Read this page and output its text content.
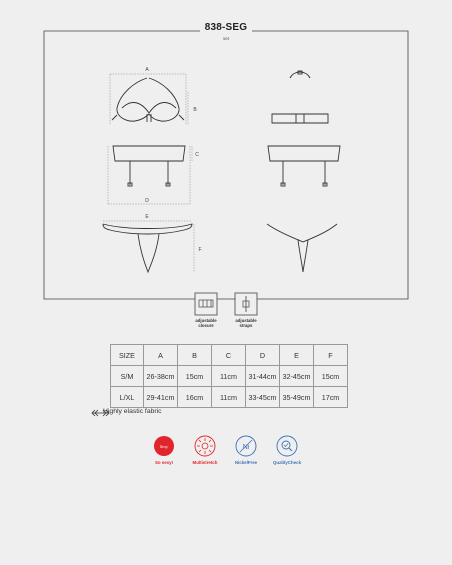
838-SEG
set
A
B
C
D
E
F
Sexy	Ni
adjustable
closure
adjustable
straps
SIZE	A	B	C	D	E	F
S/M	26-38cm	15cm	11cm	31-44cm	32-45cm	15cm
L/XL	29-41cm	16cm	11cm	33-45cm	35-49cm	17cm
Highly elastic fabric
So sexy!	Multistretch	NickelFree	QualityCheck
